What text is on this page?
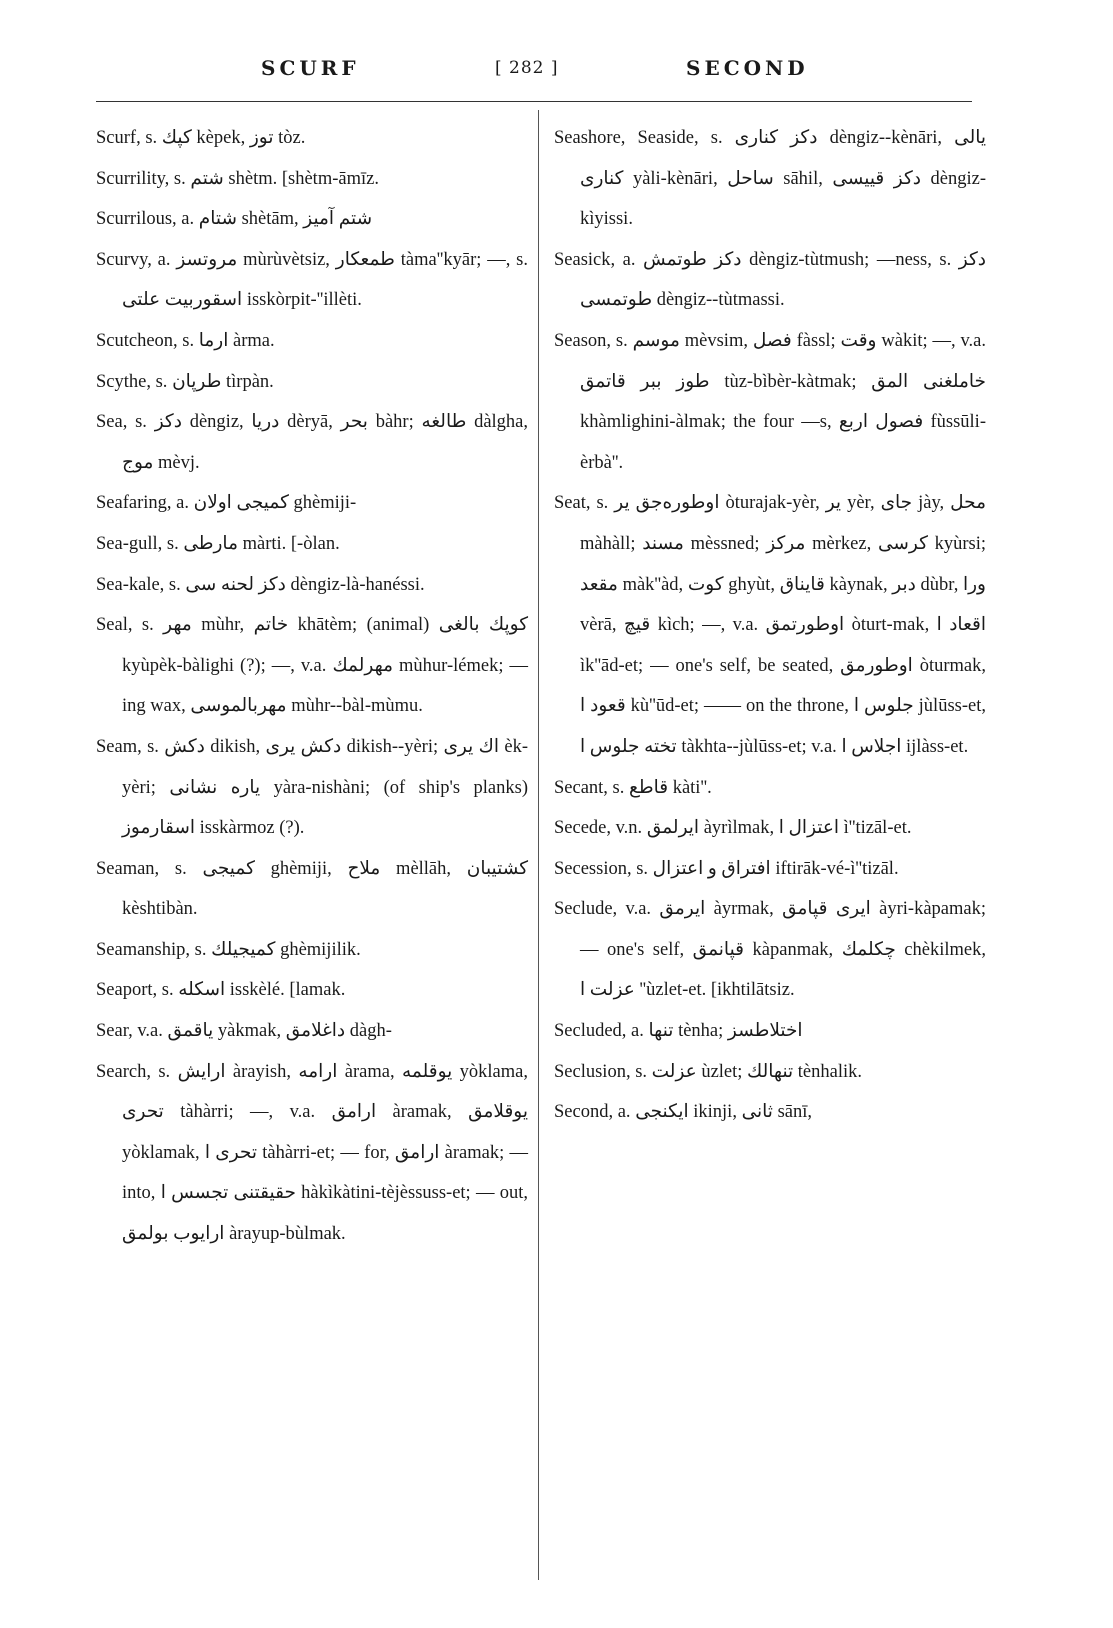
SCURF	[ 282 ]	SECOND

Scurf, s. كپك kèpek, توز tòz.

Scurrility, s. شتم shètm. [shètm-āmīz.

Scurrilous, a. شتام shètām, شتم آميز

Scurvy, a. مروتسز mùrùvètsiz, طمعكار tàma''kyār; —, s. اسقوربيت علتى isskòrpit-''illèti.

Scutcheon, s. ارما àrma.

Scythe, s. طرپان tìrpàn.

Sea, s. دكز dèngiz, دريا dèryā, بحر bàhr; طالغه dàlgha, موج mèvj.

Seafaring, a. كميجى اولان ghèmiji-

Sea-gull, s. مارطى màrti. [-òlan.

Sea-kale, s. دكز لحنه سى dèngiz-là-hanéssi.

Seal, s. مهر mùhr, خاتم khātèm; (animal) كوپك بالغى kyùpèk-bàlighi (?); —, v.a. مهرلمك mùhur-lémek; —ing wax, مهربالموسى mùhr--bàl-mùmu.

Seam, s. دكش dikish, دكش يرى dikish--yèri; اك يرى èk-yèri; يارە نشانى yàra-nishàni; (of ship's planks) اسقارموز isskàrmoz (?).

Seaman, s. كميجى ghèmiji, ملاح mèllāh, كشتيبان kèshtibàn.

Seamanship, s. كميجيلك ghèmijilik.

Seaport, s. اسكله isskèlé. [lamak.

Sear, v.a. ياقمق yàkmak, داغلامق dàgh-

Search, s. ارايش àrayish, ارامه àrama, يوقلمه yòklama, تحرى tàhàrri; —, v.a. ارامق àramak, يوقلامق yòklamak, تحرى ا tàhàrri-et; — for, ارامق àramak; — into, حقيقتنى تجسس ا hàkìkàtini-tèjèssuss-et; — out, ارايوب بولمق àrayup-bùlmak.

Seashore, Seaside, s. دكز كنارى dèngiz--kènāri, يالى كنارى yàli-kènāri, ساحل sāhil, دكز قييسى dèngiz-kìyissi.

Seasick, a. دكز طوتمش dèngiz-tùtmush; —ness, s. دكز طوتمسى dèngiz--tùtmassi.

Season, s. موسم mèvsim, فصل fàssl; وقت wàkit; —, v.a. طوز ببر قاتمق tùz-bìbèr-kàtmak; خاملغنى المق khàmlighini-àlmak; the four —s, فصول اربع fùssūli-èrbà''.

Seat, s. اوطورەجق ير òturajak-yèr, ير yèr, جاى jày, محل màhàll; مسند mèssned; مركز mèrkez, كرسى kyùrsi; مقعد màk''àd, كوت ghyùt, قايناق kàynak, دبر dùbr, ورا vèrā, قيچ kìch; —, v.a. اوطورتمق òturt-mak, اقعاد ا ìk''ād-et; — one's self, be seated, اوطورمق òturmak, قعود ا kù''ūd-et; —— on the throne, جلوس ا jùlūss-et, تخته جلوس ا tàkhta--jùlūss-et; v.a. اجلاس ا ijlàss-et.

Secant, s. قاطع kàti''.

Secede, v.n. ايرلمق àyrìlmak, اعتزال ا ì''tizāl-et.

Secession, s. افتراق و اعتزال iftirāk-vé-ì''tizāl.

Seclude, v.a. ايرمق àyrmak, ايرى قپامق àyri-kàpamak; — one's self, قپانمق kàpanmak, چكلمك chèkilmek, عزلت ا ''ùzlet-et. [ikhtilātsiz.

Secluded, a. تنها tènha; اختلاطسز

Seclusion, s. عزلت ùzlet; تنهالك tènhalik.

Second, a. ايكنجى ikinji, ثانى sānī,
